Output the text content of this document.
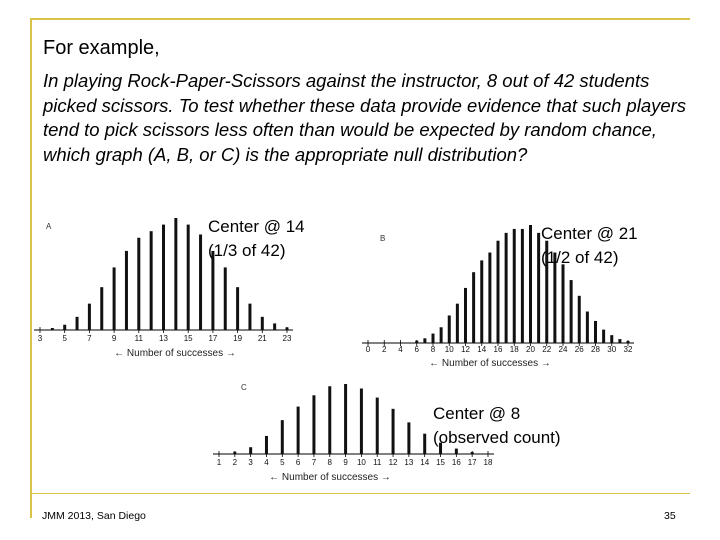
For example,
In playing Rock-Paper-Scissors against the instructor, 8 out of 42 students picked scissors. To test whether these data provide evidence that such players tend to pick scissors less often than would be expected by random chance, which graph (A, B, or C) is the appropriate null distribution?
A
3	5	7	9 11 13 15 17 19 21 23
← Number of successes →
B
0 2 4 6 8 10 12 14 16 18 20 22 24 26 28 30 32
← Number of successes →
C
1 2 3 4 5 6 7 8 9 10 11 12 13 14 15 16 17 18
← Number of successes →
Center @ 14
(1/3 of 42)
Center @ 21
(1/2 of 42)
Center @ 8
(observed count)
JMM 2013, San Diego	35
